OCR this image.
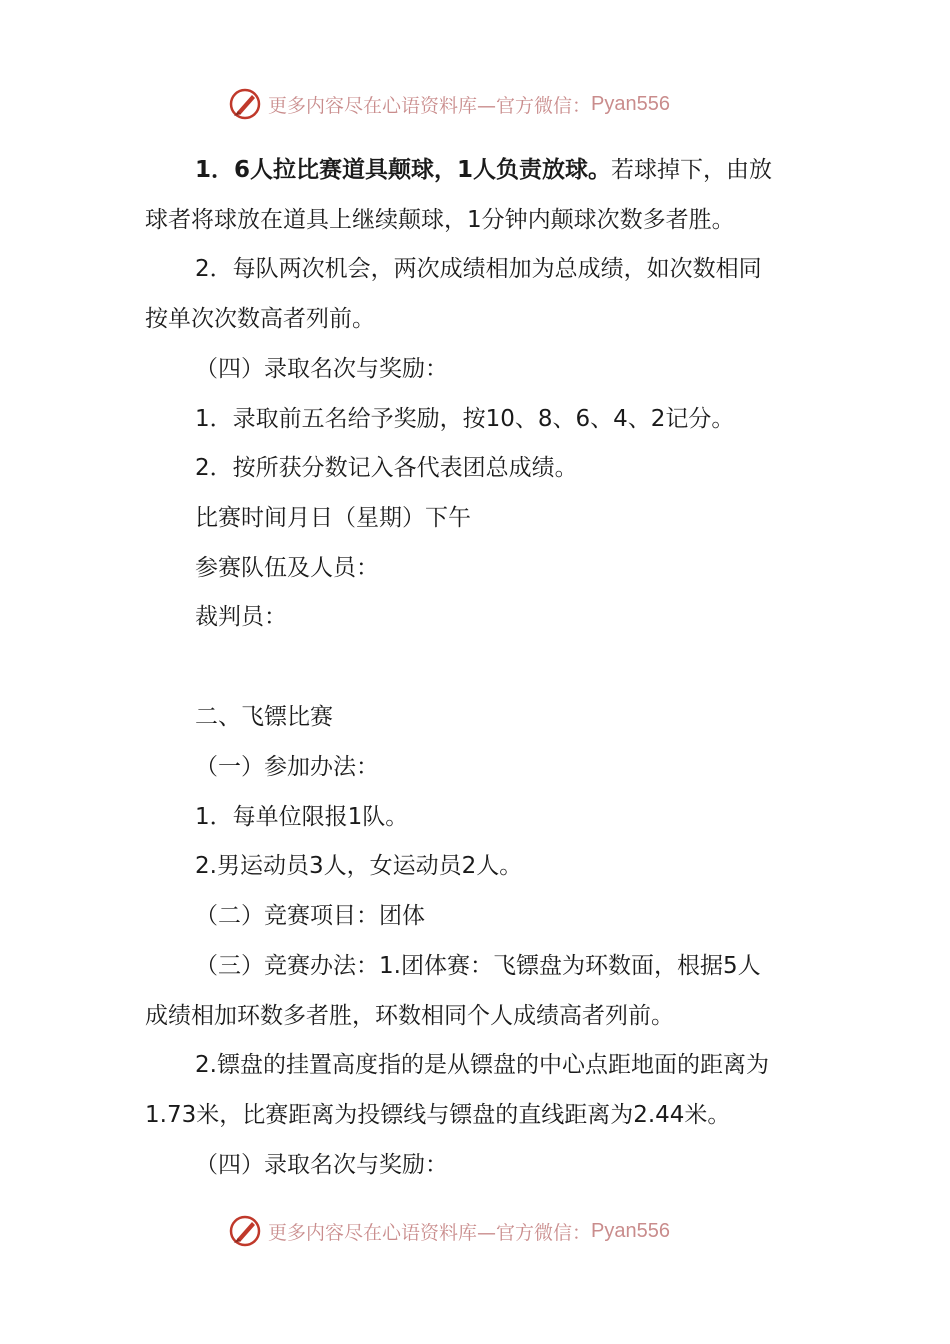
更多内容尽在心语资料库—官方微信： Pyan556
1．6人拉比赛道具颠球，1人负责放球。若球掉下，由放
球者将球放在道具上继续颠球，1分钟内颠球次数多者胜。
2．每队两次机会，两次成绩相加为总成绩，如次数相同
按单次次数高者列前。
（四）录取名次与奖励：
1．录取前五名给予奖励，按10、8、6、4、2记分。
2．按所获分数记入各代表团总成绩。
比赛时间月日（星期）下午
参赛队伍及人员：
裁判员：
二、飞镖比赛
（一）参加办法：
1．每单位限报1队。
2.男运动员3人，女运动员2人。
（二）竞赛项目：团体
（三）竞赛办法：1.团体赛：飞镖盘为环数面，根据5人
成绩相加环数多者胜，环数相同个人成绩高者列前。
2.镖盘的挂置高度指的是从镖盘的中心点距地面的距离为
1.73米，比赛距离为投镖线与镖盘的直线距离为2.44米。
（四）录取名次与奖励：
更多内容尽在心语资料库—官方微信： Pyan556
